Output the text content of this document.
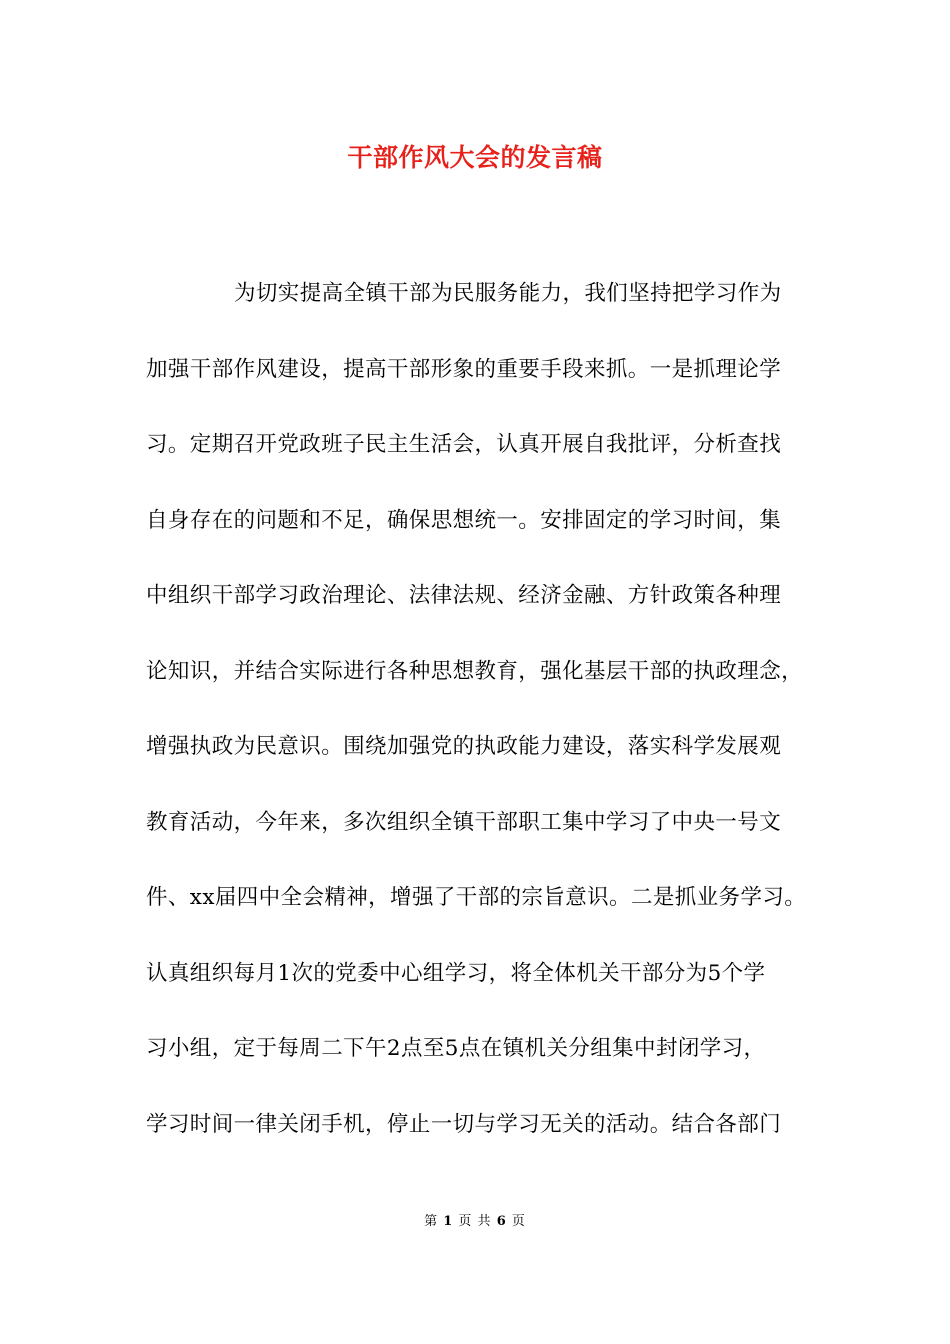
干部作风大会的发言稿
为切实提高全镇干部为民服务能力，我们坚持把学习作为
加强干部作风建设，提高干部形象的重要手段来抓。一是抓理论学
习。定期召开党政班子民主生活会，认真开展自我批评，分析查找
自身存在的问题和不足，确保思想统一。安排固定的学习时间，集
中组织干部学习政治理论、法律法规、经济金融、方针政策各种理
论知识，并结合实际进行各种思想教育，强化基层干部的执政理念，
增强执政为民意识。围绕加强党的执政能力建设，落实科学发展观
教育活动，今年来，多次组织全镇干部职工集中学习了中央一号文
件、xx届四中全会精神，增强了干部的宗旨意识。二是抓业务学习。
认真组织每月1次的党委中心组学习，将全体机关干部分为5个学
习小组，定于每周二下午2点至5点在镇机关分组集中封闭学习，
学习时间一律关闭手机，停止一切与学习无关的活动。结合各部门
第 1 页 共 6 页
